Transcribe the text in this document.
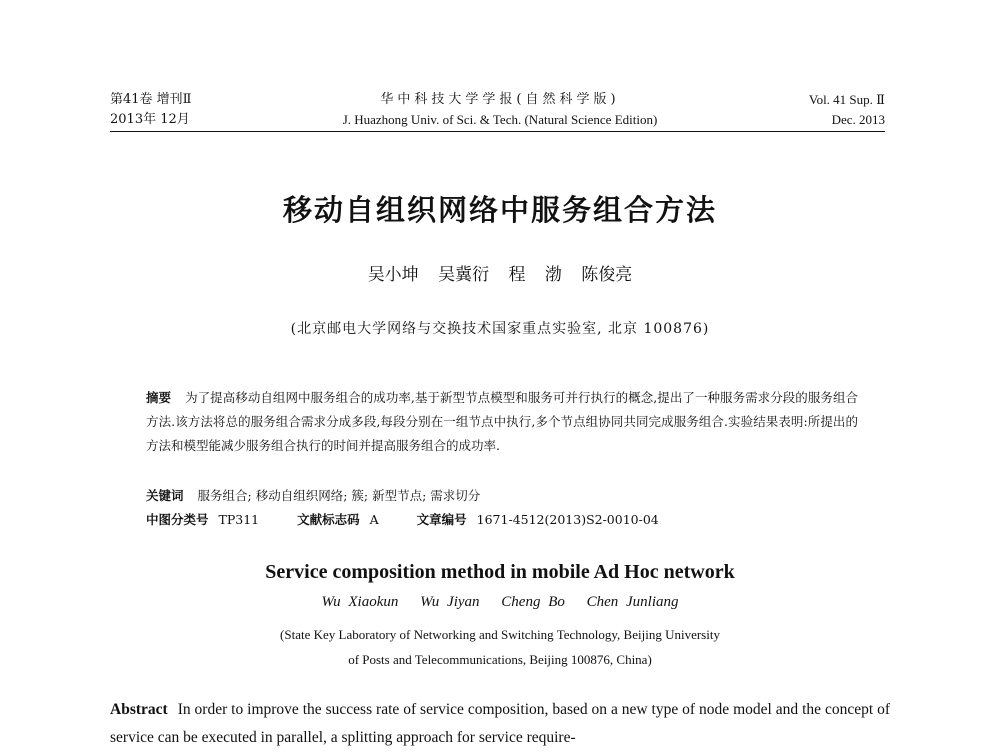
第41卷 增刊Ⅱ
2013年 12月
华中科技大学学报(自然科学版)
J. Huazhong Univ. of Sci. & Tech. (Natural Science Edition)
Vol. 41 Sup. Ⅱ
Dec. 2013
移动自组织网络中服务组合方法
吴小坤 吴冀衍 程 渤 陈俊亮
(北京邮电大学网络与交换技术国家重点实验室, 北京 100876)
摘要 为了提高移动自组网中服务组合的成功率,基于新型节点模型和服务可并行执行的概念,提出了一种服务需求分段的服务组合方法.该方法将总的服务组合需求分成多段,每段分别在一组节点中执行,多个节点组协同共同完成服务组合.实验结果表明:所提出的方法和模型能减少服务组合执行的时间并提高服务组合的成功率.
关键词 服务组合; 移动自组织网络; 簇; 新型节点; 需求切分
中图分类号 TP311	文献标志码 A	文章编号 1671-4512(2013)S2-0010-04
Service composition method in mobile Ad Hoc network
Wu Xiaokun Wu Jiyan Cheng Bo Chen Junliang
(State Key Laboratory of Networking and Switching Technology, Beijing University
of Posts and Telecommunications, Beijing 100876, China)
Abstract In order to improve the success rate of service composition, based on a new type of node model and the concept of service can be executed in parallel, a splitting approach for service require-
